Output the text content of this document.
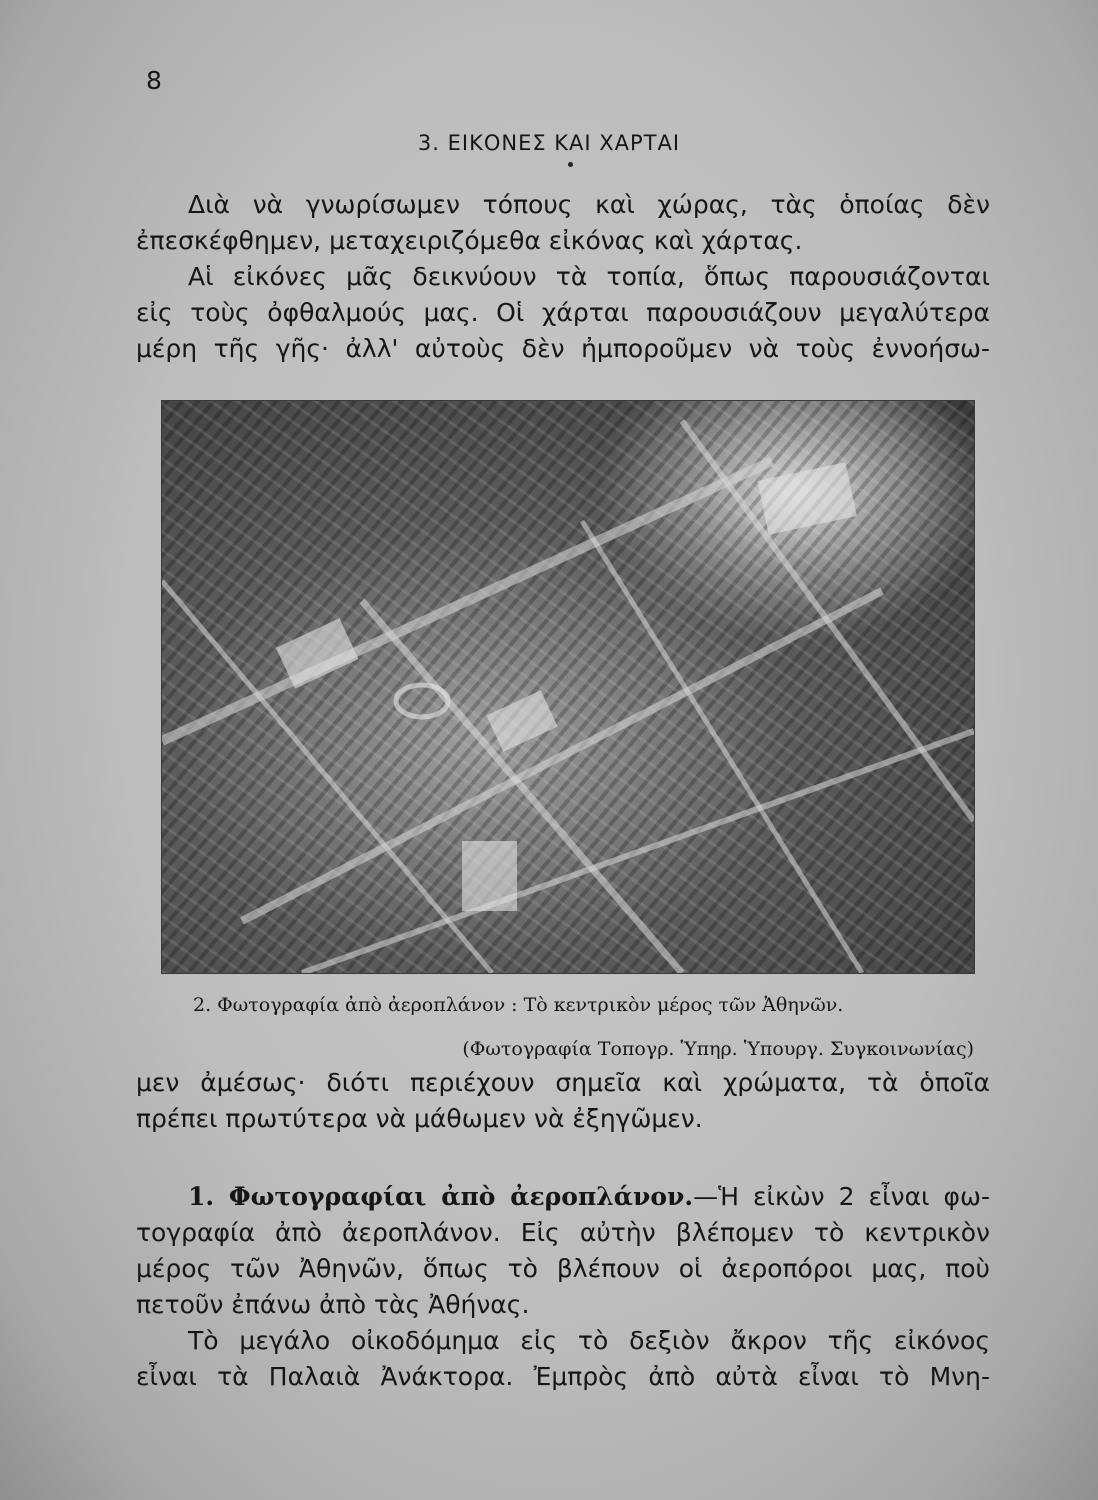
8
3. ΕΙΚΟΝΕΣ ΚΑΙ ΧΑΡΤΑΙ
Διὰ νὰ γνωρίσωμεν τόπους καὶ χώρας, τὰς ὁποίας δὲν
ἐπεσκέφθημεν, μεταχειριζόμεθα εἰκόνας καὶ χάρτας.
Αἱ εἰκόνες μᾶς δεικνύουν τὰ τοπία, ὅπως παρουσιάζονται
εἰς τοὺς ὀφθαλμούς μας. Οἱ χάρται παρουσιάζουν μεγαλύτερα
μέρη τῆς γῆς· ἀλλ' αὐτοὺς δὲν ἠμποροῦμεν νὰ τοὺς ἐννοήσω-
2. Φωτογραφία ἀπὸ ἀεροπλάνον : Τὸ κεντρικὸν μέρος τῶν Ἀθηνῶν.
(Φωτογραφία Τοπογρ. Ὑπηρ. Ὑπουργ. Συγκοινωνίας)
μεν ἀμέσως· διότι περιέχουν σημεῖα καὶ χρώματα, τὰ ὁποῖα
πρέπει πρωτύτερα νὰ μάθωμεν νὰ ἐξηγῶμεν.
1. Φωτογραφίαι ἀπὸ ἀεροπλάνον.—Ἡ εἰκὼν 2 εἶναι φω-
τογραφία ἀπὸ ἀεροπλάνον. Εἰς αὐτὴν βλέπομεν τὸ κεντρικὸν
μέρος τῶν Ἀθηνῶν, ὅπως τὸ βλέπουν οἱ ἀεροπόροι μας, ποὺ
πετοῦν ἐπάνω ἀπὸ τὰς Ἀθήνας.
Τὸ μεγάλο οἰκοδόμημα εἰς τὸ δεξιὸν ἄκρον τῆς εἰκόνος
εἶναι τὰ Παλαιὰ Ἀνάκτορα. Ἐμπρὸς ἀπὸ αὐτὰ εἶναι τὸ Μνη-
